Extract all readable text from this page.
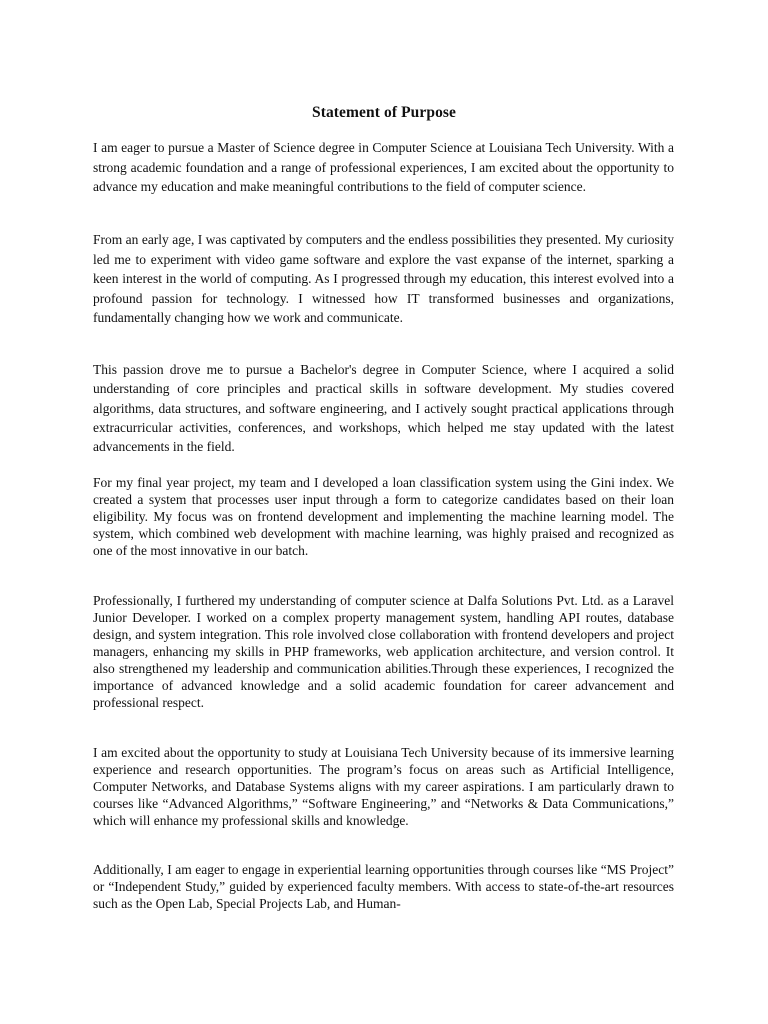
Statement of Purpose

I am eager to pursue a Master of Science degree in Computer Science at Louisiana Tech University. With a strong academic foundation and a range of professional experiences, I am excited about the opportunity to advance my education and make meaningful contributions to the field of computer science.

From an early age, I was captivated by computers and the endless possibilities they presented. My curiosity led me to experiment with video game software and explore the vast expanse of the internet, sparking a keen interest in the world of computing. As I progressed through my education, this interest evolved into a profound passion for technology. I witnessed how IT transformed businesses and organizations, fundamentally changing how we work and communicate.

This passion drove me to pursue a Bachelor's degree in Computer Science, where I acquired a solid understanding of core principles and practical skills in software development. My studies covered algorithms, data structures, and software engineering, and I actively sought practical applications through extracurricular activities, conferences, and workshops, which helped me stay updated with the latest advancements in the field.

For my final year project, my team and I developed a loan classification system using the Gini index. We created a system that processes user input through a form to categorize candidates based on their loan eligibility. My focus was on frontend development and implementing the machine learning model. The system, which combined web development with machine learning, was highly praised and recognized as one of the most innovative in our batch.

Professionally, I furthered my understanding of computer science at Dalfa Solutions Pvt. Ltd. as a Laravel Junior Developer. I worked on a complex property management system, handling API routes, database design, and system integration. This role involved close collaboration with frontend developers and project managers, enhancing my skills in PHP frameworks, web application architecture, and version control. It also strengthened my leadership and communication abilities.Through these experiences, I recognized the importance of advanced knowledge and a solid academic foundation for career advancement and professional respect.

I am excited about the opportunity to study at Louisiana Tech University because of its immersive learning experience and research opportunities. The program’s focus on areas such as Artificial Intelligence, Computer Networks, and Database Systems aligns with my career aspirations. I am particularly drawn to courses like “Advanced Algorithms,” “Software Engineering,” and “Networks & Data Communications,” which will enhance my professional skills and knowledge.

Additionally, I am eager to engage in experiential learning opportunities through courses like “MS Project” or “Independent Study,” guided by experienced faculty members. With access to state-of-the-art resources such as the Open Lab, Special Projects Lab, and Human-
